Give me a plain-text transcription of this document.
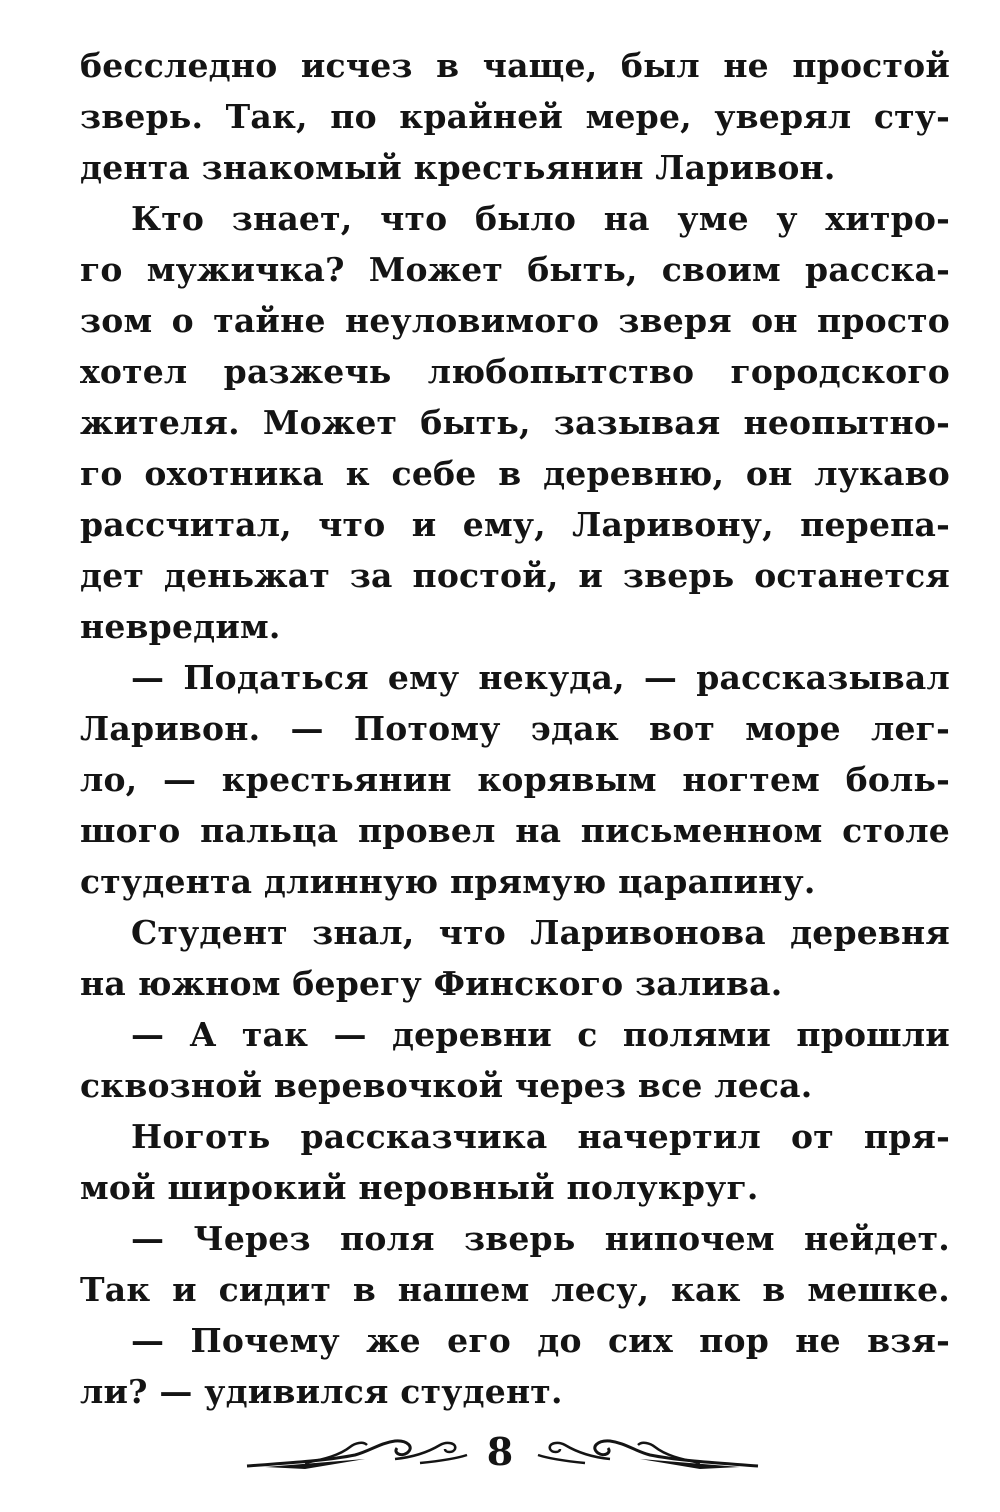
бесследно исчез в чаще, был не простой
зверь. Так, по крайней мере, уверял сту-
дента знакомый крестьянин Ларивон.
Кто знает, что было на уме у хитро-
го мужичка? Может быть, своим расска-
зом о тайне неуловимого зверя он просто
хотел разжечь любопытство городского
жителя. Может быть, зазывая неопытно-
го охотника к себе в деревню, он лукаво
рассчитал, что и ему, Ларивону, перепа-
дет деньжат за постой, и зверь останется
невредим.
— Податься ему некуда, — рассказывал
Ларивон. — Потому эдак вот море лег-
ло, — крестьянин корявым ногтем боль-
шого пальца провел на письменном столе
студента длинную прямую царапину.
Студент знал, что Ларивонова деревня
на южном берегу Финского залива.
— А так — деревни с полями прошли
сквозной веревочкой через все леса.
Ноготь рассказчика начертил от пря-
мой широкий неровный полукруг.
— Через поля зверь нипочем нейдет.
Так и сидит в нашем лесу, как в мешке.
— Почему же его до сих пор не взя-
ли? — удивился студент.
8
